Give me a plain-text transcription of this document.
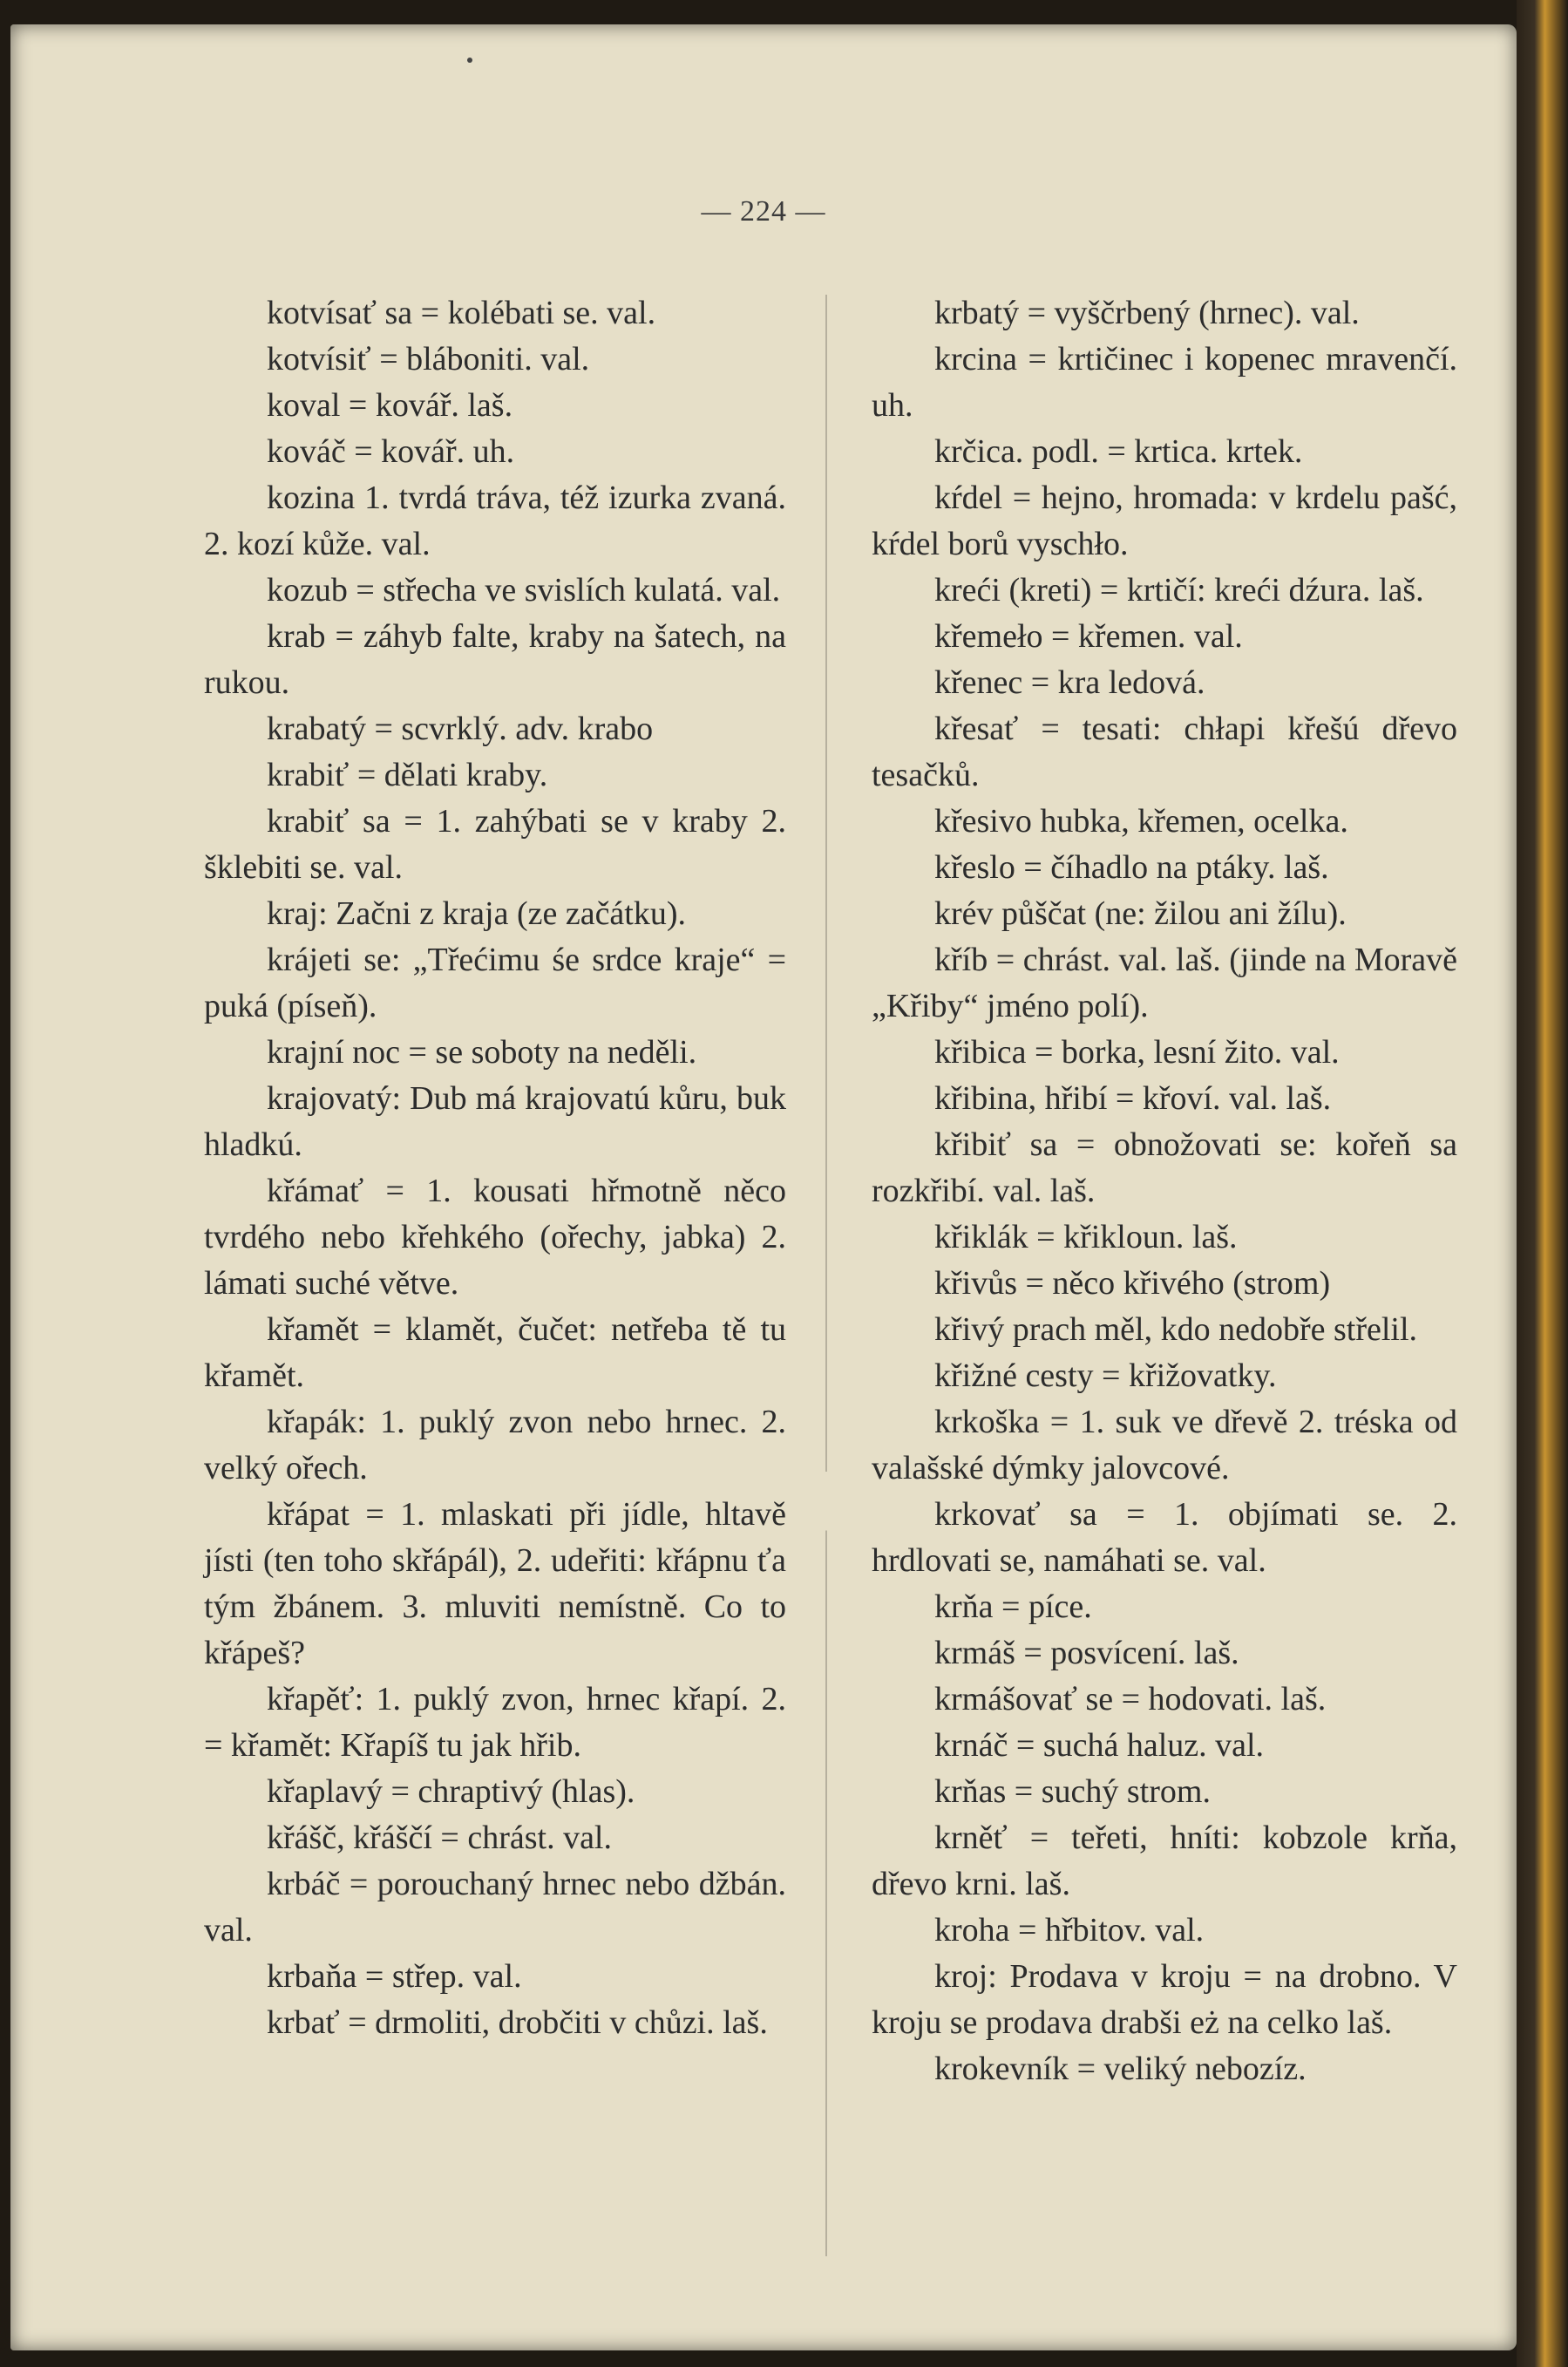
— 224 —

kotvísať sa = kolébati se. val.

kotvísiť = bláboniti. val.

koval = kovář. laš.

kováč = kovář. uh.

kozina 1. tvrdá tráva, též izurka zvaná. 2. kozí kůže. val.

kozub = střecha ve svislích kulatá. val.

krab = záhyb falte, kraby na šatech, na rukou.

krabatý = scvrklý. adv. krabo

krabiť = dělati kraby.

krabiť sa = 1. zahýbati se v kraby 2. šklebiti se. val.

kraj: Začni z kraja (ze začátku).

krájeti se: „Třećimu śe srdce kraje“ = puká (píseň).

krajní noc = se soboty na neděli.

krajovatý: Dub má krajovatú kůru, buk hladkú.

křámať = 1. kousati hřmotně něco tvrdého nebo křehkého (ořechy, jabka) 2. lámati suché větve.

křamět = klamět, čučet: netřeba tě tu křamět.

křapák: 1. puklý zvon nebo hrnec. 2. velký ořech.

křápat = 1. mlaskati při jídle, hltavě jísti (ten toho skřápál), 2. udeřiti: křápnu ťa tým žbánem. 3. mluviti nemístně. Co to křápeš?

křapěť: 1. puklý zvon, hrnec křapí. 2. = křamět: Křapíš tu jak hřib.

křaplavý = chraptivý (hlas).

křášč, křáščí = chrást. val.

krbáč = porouchaný hrnec nebo džbán. val.

krbaňa = střep. val.

krbať = drmoliti, drobčiti v chůzi. laš.

krbatý = vyščrbený (hrnec). val.

krcina = krtičinec i kopenec mravenčí. uh.

krčica. podl. = krtica. krtek.

kŕdel = hejno, hromada: v krdelu pašć, kŕdel borů vyschło.

kreći (kreti) = krtičí: kreći dźura. laš.

křemeło = křemen. val.

křenec = kra ledová.

křesať = tesati: chłapi křešú dřevo tesačků.

křesivo hubka, křemen, ocelka.

křeslo = číhadlo na ptáky. laš.

krév půščat (ne: žilou ani žílu).

kříb = chrást. val. laš. (jinde na Moravě „Křiby“ jméno polí).

křibica = borka, lesní žito. val.

křibina, hřibí = křoví. val. laš.

křibiť sa = obnožovati se: kořeň sa rozkřibí. val. laš.

křiklák = křikloun. laš.

křivůs = něco křivého (strom)

křivý prach měl, kdo nedobře střelil.

křižné cesty = křižovatky.

krkoška = 1. suk ve dřevě 2. tréska od valašské dýmky jalovcové.

krkovať sa = 1. objímati se. 2. hrdlovati se, namáhati se. val.

krňa = píce.

krmáš = posvícení. laš.

krmášovať se = hodovati. laš.

krnáč = suchá haluz. val.

krňas = suchý strom.

krněť = teřeti, hníti: kobzole krňa, dřevo krni. laš.

kroha = hřbitov. val.

kroj: Prodava v kroju = na drobno. V kroju se prodava drabši eż na celko laš.

krokevník = veliký nebozíz.
